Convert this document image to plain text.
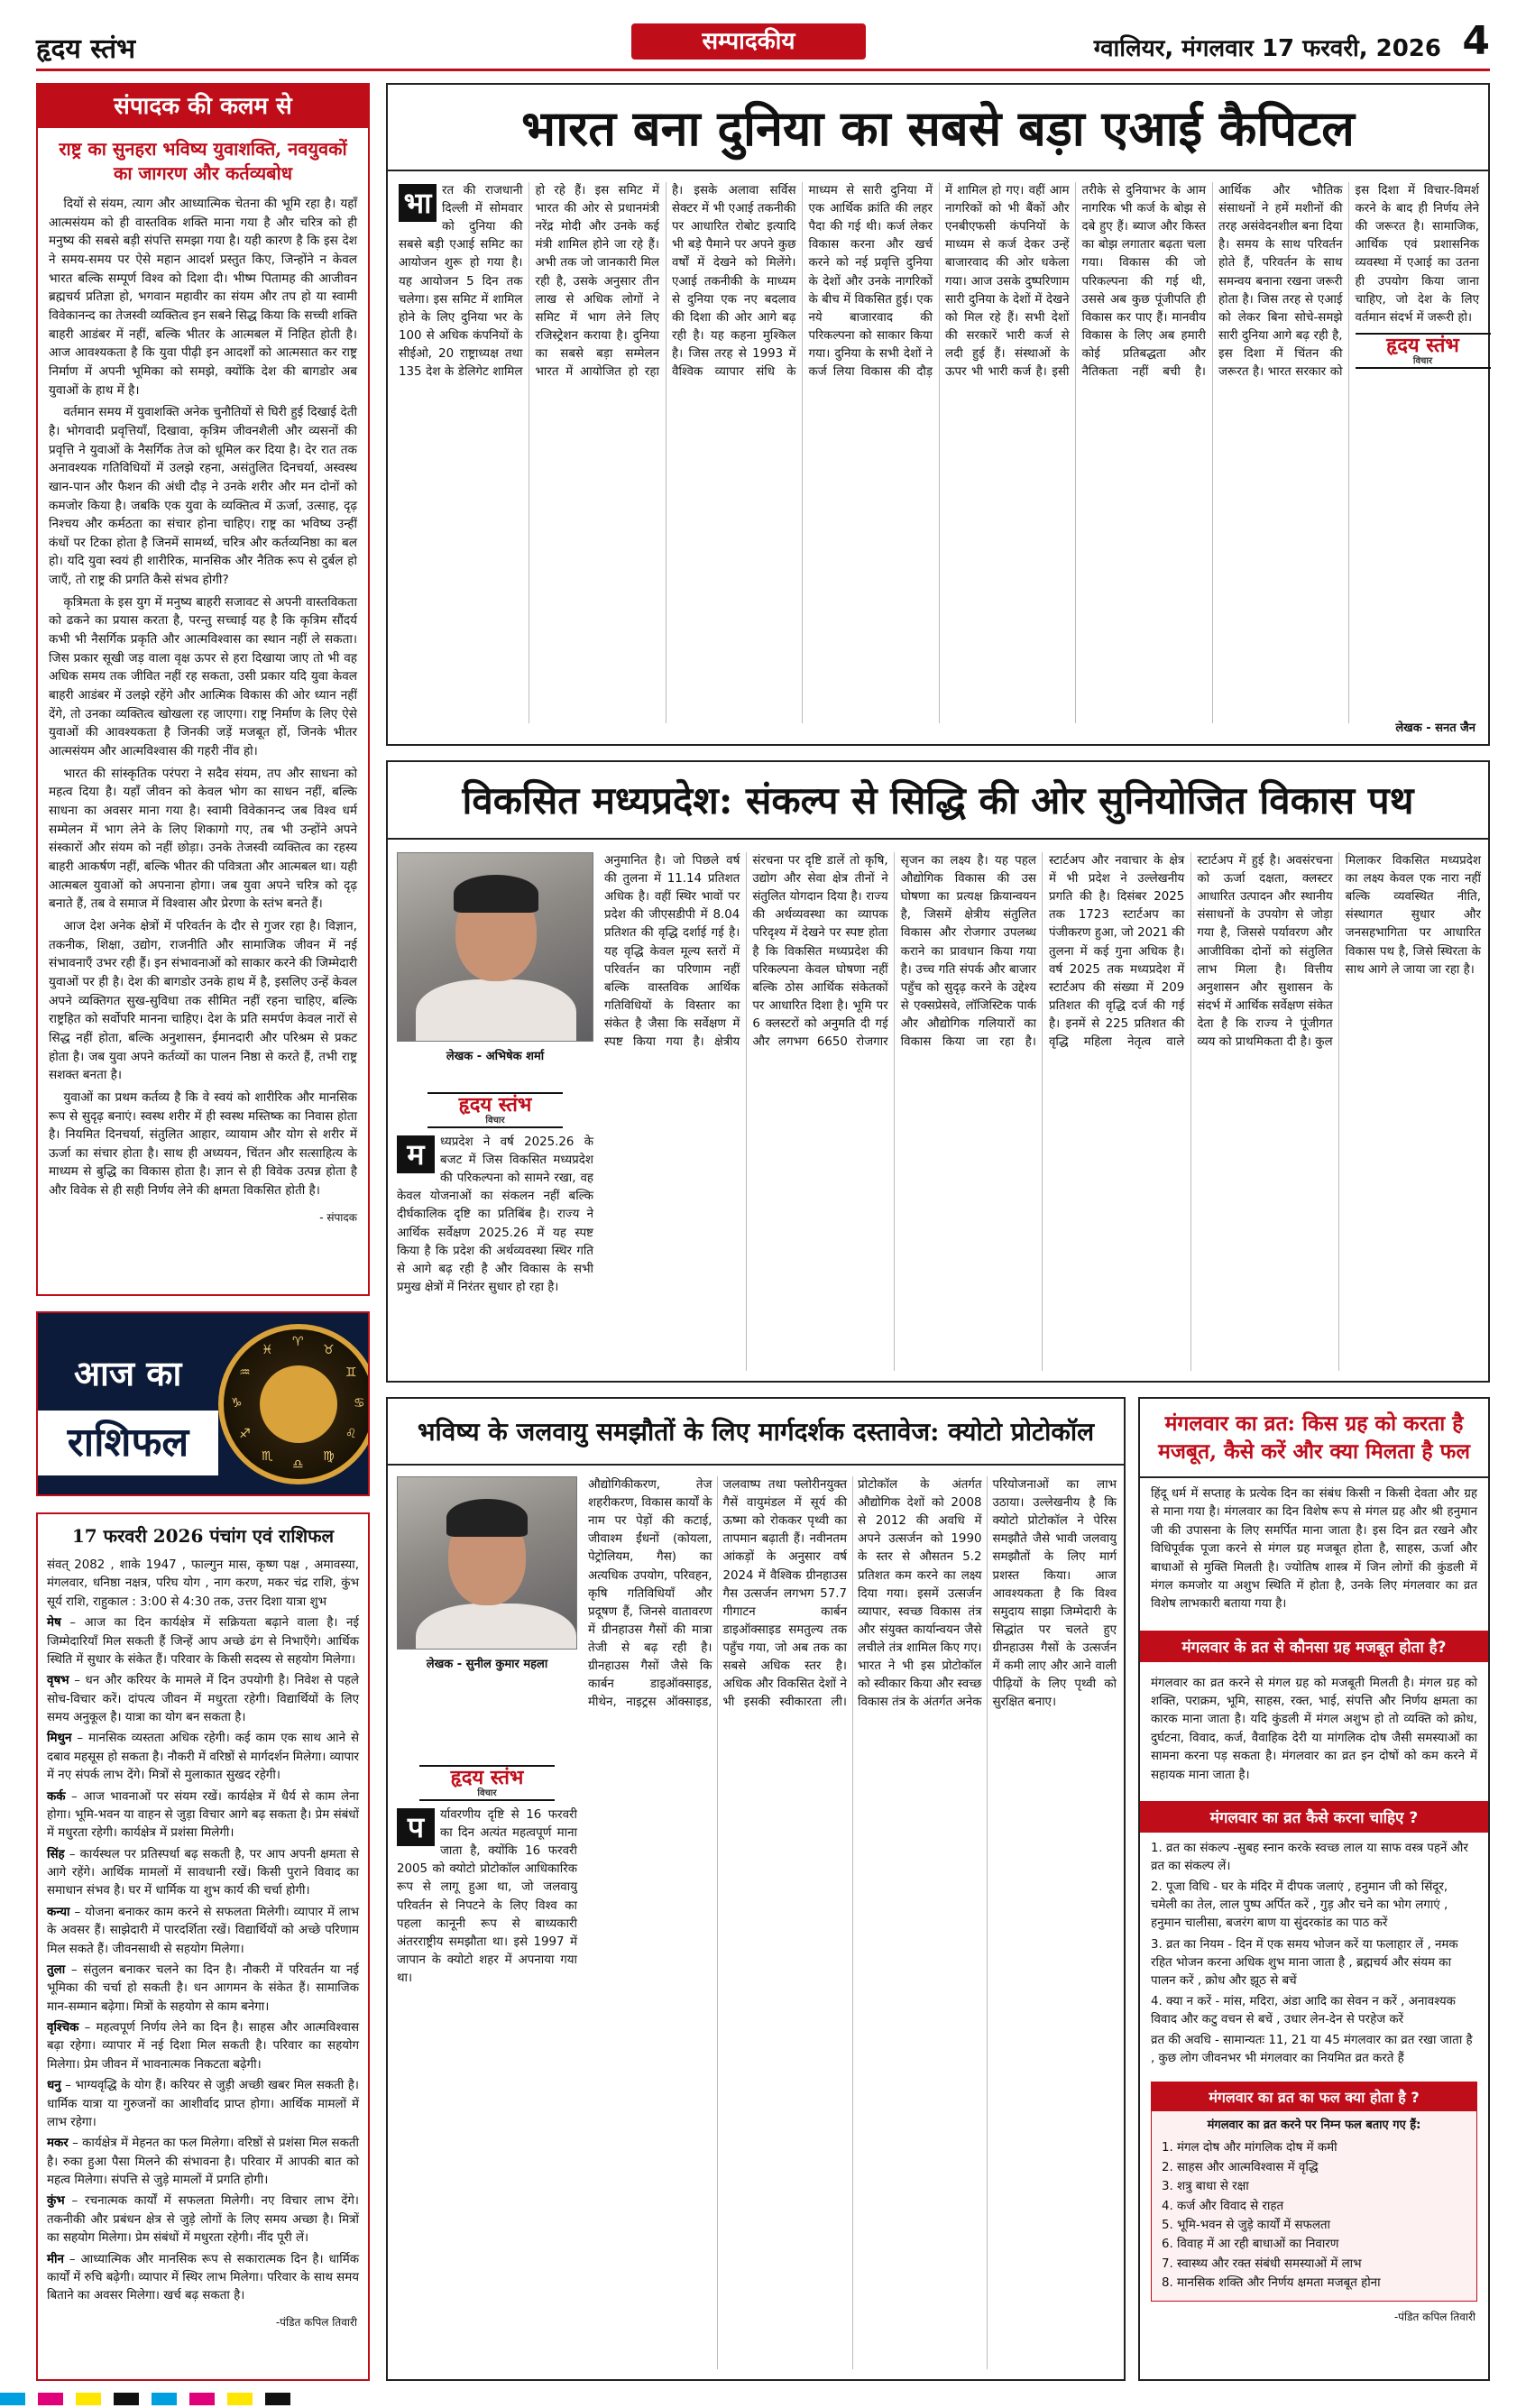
हृदय स्तंभ	सम्पादकीय	ग्वालियर, मंगलवार 17 फरवरी, 2026 4
संपादक की कलम से
राष्ट्र का सुनहरा भविष्य युवाशक्ति, नवयुवकों का जागरण और कर्तव्यबोध

दियों से संयम, त्याग और आध्यात्मिक चेतना की भूमि रहा है। यहाँ आत्मसंयम को ही वास्तविक शक्ति माना गया है और चरित्र को ही मनुष्य की सबसे बड़ी संपत्ति समझा गया है। यही कारण है कि इस देश ने समय-समय पर ऐसे महान आदर्श प्रस्तुत किए, जिन्होंने न केवल भारत बल्कि सम्पूर्ण विश्व को दिशा दी। भीष्म पितामह की आजीवन ब्रह्मचर्य प्रतिज्ञा हो, भगवान महावीर का संयम और तप हो या स्वामी विवेकानन्द का तेजस्वी व्यक्तित्व इन सबने सिद्ध किया कि सच्ची शक्ति बाहरी आडंबर में नहीं, बल्कि भीतर के आत्मबल में निहित होती है। आज आवश्यकता है कि युवा पीढ़ी इन आदर्शों को आत्मसात कर राष्ट्र निर्माण में अपनी भूमिका को समझे, क्योंकि देश की बागडोर अब युवाओं के हाथ में है।

वर्तमान समय में युवाशक्ति अनेक चुनौतियों से घिरी हुई दिखाई देती है। भोगवादी प्रवृत्तियाँ, दिखावा, कृत्रिम जीवनशैली और व्यसनों की प्रवृत्ति ने युवाओं के नैसर्गिक तेज को धूमिल कर दिया है। देर रात तक अनावश्यक गतिविधियों में उलझे रहना, असंतुलित दिनचर्या, अस्वस्थ खान-पान और फैशन की अंधी दौड़ ने उनके शरीर और मन दोनों को कमजोर किया है। जबकि एक युवा के व्यक्तित्व में ऊर्जा, उत्साह, दृढ़ निश्चय और कर्मठता का संचार होना चाहिए। राष्ट्र का भविष्य उन्हीं कंधों पर टिका होता है जिनमें सामर्थ्य, चरित्र और कर्तव्यनिष्ठा का बल हो। यदि युवा स्वयं ही शारीरिक, मानसिक और नैतिक रूप से दुर्बल हो जाएँ, तो राष्ट्र की प्रगति कैसे संभव होगी?

कृत्रिमता के इस युग में मनुष्य बाहरी सजावट से अपनी वास्तविकता को ढकने का प्रयास करता है, परन्तु सच्चाई यह है कि कृत्रिम सौंदर्य कभी भी नैसर्गिक प्रकृति और आत्मविश्वास का स्थान नहीं ले सकता। जिस प्रकार सूखी जड़ वाला वृक्ष ऊपर से हरा दिखाया जाए तो भी वह अधिक समय तक जीवित नहीं रह सकता, उसी प्रकार यदि युवा केवल बाहरी आडंबर में उलझे रहेंगे और आत्मिक विकास की ओर ध्यान नहीं देंगे, तो उनका व्यक्तित्व खोखला रह जाएगा। राष्ट्र निर्माण के लिए ऐसे युवाओं की आवश्यकता है जिनकी जड़ें मजबूत हों, जिनके भीतर आत्मसंयम और आत्मविश्वास की गहरी नींव हो।

भारत की सांस्कृतिक परंपरा ने सदैव संयम, तप और साधना को महत्व दिया है। यहाँ जीवन को केवल भोग का साधन नहीं, बल्कि साधना का अवसर माना गया है। स्वामी विवेकानन्द जब विश्व धर्म सम्मेलन में भाग लेने के लिए शिकागो गए, तब भी उन्होंने अपने संस्कारों और संयम को नहीं छोड़ा। उनके तेजस्वी व्यक्तित्व का रहस्य बाहरी आकर्षण नहीं, बल्कि भीतर की पवित्रता और आत्मबल था। यही आत्मबल युवाओं को अपनाना होगा। जब युवा अपने चरित्र को दृढ़ बनाते हैं, तब वे समाज में विश्वास और प्रेरणा के स्तंभ बनते हैं।

आज देश अनेक क्षेत्रों में परिवर्तन के दौर से गुजर रहा है। विज्ञान, तकनीक, शिक्षा, उद्योग, राजनीति और सामाजिक जीवन में नई संभावनाएँ उभर रही हैं। इन संभावनाओं को साकार करने की जिम्मेदारी युवाओं पर ही है। देश की बागडोर उनके हाथ में है, इसलिए उन्हें केवल अपने व्यक्तिगत सुख-सुविधा तक सीमित नहीं रहना चाहिए, बल्कि राष्ट्रहित को सर्वोपरि मानना चाहिए। देश के प्रति समर्पण केवल नारों से सिद्ध नहीं होता, बल्कि अनुशासन, ईमानदारी और परिश्रम से प्रकट होता है। जब युवा अपने कर्तव्यों का पालन निष्ठा से करते हैं, तभी राष्ट्र सशक्त बनता है।

युवाओं का प्रथम कर्तव्य है कि वे स्वयं को शारीरिक और मानसिक रूप से सुदृढ़ बनाएं। स्वस्थ शरीर में ही स्वस्थ मस्तिष्क का निवास होता है। नियमित दिनचर्या, संतुलित आहार, व्यायाम और योग से शरीर में ऊर्जा का संचार होता है। साथ ही अध्ययन, चिंतन और सत्साहित्य के माध्यम से बुद्धि का विकास होता है। ज्ञान से ही विवेक उत्पन्न होता है और विवेक से ही सही निर्णय लेने की क्षमता विकसित होती है।

- संपादक
आज का
राशिफल
♈
♉
♊
♋
♌
♍
♎
♏
♐
♑
♒
♓
17 फरवरी 2026 पंचांग एवं राशिफल

संवत् 2082 , शाके 1947 , फाल्गुन मास, कृष्ण पक्ष , अमावस्या, मंगलवार, धनिष्ठा नक्षत्र, परिघ योग , नाग करण, मकर चंद्र राशि, कुंभ सूर्य राशि, राहुकाल : 3:00 से 4:30 तक, उत्तर दिशा यात्रा शुभ

मेष – आज का दिन कार्यक्षेत्र में सक्रियता बढ़ाने वाला है। नई जिम्मेदारियाँ मिल सकती हैं जिन्हें आप अच्छे ढंग से निभाएँगे। आर्थिक स्थिति में सुधार के संकेत हैं। परिवार के किसी सदस्य से सहयोग मिलेगा।

वृषभ – धन और करियर के मामले में दिन उपयोगी है। निवेश से पहले सोच-विचार करें। दांपत्य जीवन में मधुरता रहेगी। विद्यार्थियों के लिए समय अनुकूल है। यात्रा का योग बन सकता है।

मिथुन – मानसिक व्यस्तता अधिक रहेगी। कई काम एक साथ आने से दबाव महसूस हो सकता है। नौकरी में वरिष्ठों से मार्गदर्शन मिलेगा। व्यापार में नए संपर्क लाभ देंगे। मित्रों से मुलाकात सुखद रहेगी।

कर्क – आज भावनाओं पर संयम रखें। कार्यक्षेत्र में धैर्य से काम लेना होगा। भूमि-भवन या वाहन से जुड़ा विचार आगे बढ़ सकता है। प्रेम संबंधों में मधुरता रहेगी। कार्यक्षेत्र में प्रशंसा मिलेगी।

सिंह – कार्यस्थल पर प्रतिस्पर्धा बढ़ सकती है, पर आप अपनी क्षमता से आगे रहेंगे। आर्थिक मामलों में सावधानी रखें। किसी पुराने विवाद का समाधान संभव है। घर में धार्मिक या शुभ कार्य की चर्चा होगी।

कन्या – योजना बनाकर काम करने से सफलता मिलेगी। व्यापार में लाभ के अवसर हैं। साझेदारी में पारदर्शिता रखें। विद्यार्थियों को अच्छे परिणाम मिल सकते हैं। जीवनसाथी से सहयोग मिलेगा।

तुला – संतुलन बनाकर चलने का दिन है। नौकरी में परिवर्तन या नई भूमिका की चर्चा हो सकती है। धन आगमन के संकेत हैं। सामाजिक मान-सम्मान बढ़ेगा। मित्रों के सहयोग से काम बनेगा।

वृश्चिक – महत्वपूर्ण निर्णय लेने का दिन है। साहस और आत्मविश्वास बढ़ा रहेगा। व्यापार में नई दिशा मिल सकती है। परिवार का सहयोग मिलेगा। प्रेम जीवन में भावनात्मक निकटता बढ़ेगी।

धनु – भाग्यवृद्धि के योग हैं। करियर से जुड़ी अच्छी खबर मिल सकती है। धार्मिक यात्रा या गुरुजनों का आशीर्वाद प्राप्त होगा। आर्थिक मामलों में लाभ रहेगा।

मकर – कार्यक्षेत्र में मेहनत का फल मिलेगा। वरिष्ठों से प्रशंसा मिल सकती है। रुका हुआ पैसा मिलने की संभावना है। परिवार में आपकी बात को महत्व मिलेगा। संपत्ति से जुड़े मामलों में प्रगति होगी।

कुंभ – रचनात्मक कार्यों में सफलता मिलेगी। नए विचार लाभ देंगे। तकनीकी और प्रबंधन क्षेत्र से जुड़े लोगों के लिए समय अच्छा है। मित्रों का सहयोग मिलेगा। प्रेम संबंधों में मधुरता रहेगी। नींद पूरी लें।

मीन – आध्यात्मिक और मानसिक रूप से सकारात्मक दिन है। धार्मिक कार्यों में रुचि बढ़ेगी। व्यापार में स्थिर लाभ मिलेगा। परिवार के साथ समय बिताने का अवसर मिलेगा। खर्च बढ़ सकता है।

-पंडित कपिल तिवारी
भारत बना दुनिया का सबसे बड़ा एआई कैपिटल
भा रत की राजधानी दिल्ली में सोमवार को दुनिया की सबसे बड़ी एआई समिट का आयोजन शुरू हो गया है। यह आयोजन 5 दिन तक चलेगा। इस समिट में शामिल होने के लिए दुनिया भर के 100 से अधिक कंपनियों के सीईओ, 20 राष्ट्राध्यक्ष तथा 135 देश के डेलिगेट शामिल हो रहे हैं। इस समिट में भारत की ओर से प्रधानमंत्री नरेंद्र मोदी और उनके कई मंत्री शामिल होने जा रहे हैं। अभी तक जो जानकारी मिल रही है, उसके अनुसार तीन लाख से अधिक लोगों ने समिट में भाग लेने लिए रजिस्ट्रेशन कराया है। दुनिया का सबसे बड़ा सम्मेलन भारत में आयोजित हो रहा है। इसके अलावा सर्विस सेक्टर में भी एआई तकनीकी पर आधारित रोबोट इत्यादि भी बड़े पैमाने पर अपने कुछ वर्षों में देखने को मिलेंगे। एआई तकनीकी के माध्यम से दुनिया एक नए बदलाव की दिशा की ओर आगे बढ़ रही है। यह कहना मुश्किल है। जिस तरह से 1993 में वैश्विक व्यापार संधि के माध्यम से सारी दुनिया में एक आर्थिक क्रांति की लहर पैदा की गई थी। कर्ज लेकर विकास करना और खर्च करने को नई प्रवृत्ति दुनिया के देशों और उनके नागरिकों के बीच में विकसित हुई। एक नये बाजारवाद की परिकल्पना को साकार किया गया। दुनिया के सभी देशों ने कर्ज लिया विकास की दौड़ में शामिल हो गए। वहीं आम नागरिकों को भी बैंकों और एनबीएफसी कंपनियों के माध्यम से कर्ज देकर उन्हें बाजारवाद की ओर धकेला गया। आज उसके दुष्परिणाम सारी दुनिया के देशों में देखने को मिल रहे हैं। सभी देशों की सरकारें भारी कर्ज से लदी हुई हैं। संस्थाओं के ऊपर भी भारी कर्ज है। इसी तरीके से दुनियाभर के आम नागरिक भी कर्ज के बोझ से दबे हुए हैं। ब्याज और किस्त का बोझ लगातार बढ़ता चला गया। विकास की जो परिकल्पना की गई थी, उससे अब कुछ पूंजीपति ही विकास कर पाए हैं। मानवीय विकास के लिए अब हमारी कोई प्रतिबद्धता और नैतिकता नहीं बची है। आर्थिक और भौतिक संसाधनों ने हमें मशीनों की तरह असंवेदनशील बना दिया है। समय के साथ परिवर्तन होते हैं, परिवर्तन के साथ समन्वय बनाना रखना जरूरी होता है। जिस तरह से एआई को लेकर बिना सोचे-समझे सारी दुनिया आगे बढ़ रही है, इस दिशा में चिंतन की जरूरत है। भारत सरकार को इस दिशा में विचार-विमर्श करने के बाद ही निर्णय लेने की जरूरत है। सामाजिक, आर्थिक एवं प्रशासनिक व्यवस्था में एआई का उतना ही उपयोग किया जाना चाहिए, जो देश के लिए वर्तमान संदर्भ में जरूरी हो।
हृदय स्तंभ
विचार
लेखक - सनत जैन
विकसित मध्यप्रदेश: संकल्प से सिद्धि की ओर सुनियोजित विकास पथ
लेखक - अभिषेक शर्मा
हृदय स्तंभ
विचार
म	ध्यप्रदेश ने वर्ष 2025.26 के बजट में जिस विकसित मध्यप्रदेश की परिकल्पना को सामने रखा, वह केवल योजनाओं का संकलन नहीं बल्कि दीर्घकालिक दृष्टि का प्रतिबिंब है। राज्य ने आर्थिक सर्वेक्षण 2025.26 में यह स्पष्ट किया है कि प्रदेश की अर्थव्यवस्था स्थिर गति से आगे बढ़ रही है और विकास के सभी प्रमुख क्षेत्रों में निरंतर सुधार हो रहा है।
अनुमानित है। जो पिछले वर्ष की तुलना में 11.14 प्रतिशत अधिक है। वहीं स्थिर भावों पर प्रदेश की जीएसडीपी में 8.04 प्रतिशत की वृद्धि दर्शाई गई है। यह वृद्धि केवल मूल्य स्तरों में परिवर्तन का परिणाम नहीं बल्कि वास्तविक आर्थिक गतिविधियों के विस्तार का संकेत है जैसा कि सर्वेक्षण में स्पष्ट किया गया है। क्षेत्रीय संरचना पर दृष्टि डालें तो कृषि, उद्योग और सेवा क्षेत्र तीनों ने संतुलित योगदान दिया है। राज्य की अर्थव्यवस्था का व्यापक परिदृश्य में देखने पर स्पष्ट होता है कि विकसित मध्यप्रदेश की परिकल्पना केवल घोषणा नहीं बल्कि ठोस आर्थिक संकेतकों पर आधारित दिशा है। भूमि पर 6 क्लस्टरों को अनुमति दी गई और लगभग 6650 रोजगार सृजन का लक्ष्य है। यह पहल औद्योगिक विकास की उस घोषणा का प्रत्यक्ष क्रियान्वयन है, जिसमें क्षेत्रीय संतुलित विकास और रोजगार उपलब्ध कराने का प्रावधान किया गया है। उच्च गति संपर्क और बाजार पहुँच को सुदृढ़ करने के उद्देश्य से एक्सप्रेसवे, लॉजिस्टिक पार्क और औद्योगिक गलियारों का विकास किया जा रहा है। स्टार्टअप और नवाचार के क्षेत्र में भी प्रदेश ने उल्लेखनीय प्रगति की है। दिसंबर 2025 तक 1723 स्टार्टअप का पंजीकरण हुआ, जो 2021 की तुलना में कई गुना अधिक है। वर्ष 2025 तक मध्यप्रदेश में स्टार्टअप की संख्या में 209 प्रतिशत की वृद्धि दर्ज की गई है। इनमें से 225 प्रतिशत की वृद्धि महिला नेतृत्व वाले स्टार्टअप में हुई है। अवसंरचना को ऊर्जा दक्षता, क्लस्टर आधारित उत्पादन और स्थानीय संसाधनों के उपयोग से जोड़ा गया है, जिससे पर्यावरण और आजीविका दोनों को संतुलित लाभ मिला है। वित्तीय अनुशासन और सुशासन के संदर्भ में आर्थिक सर्वेक्षण संकेत देता है कि राज्य ने पूंजीगत व्यय को प्राथमिकता दी है। कुल मिलाकर विकसित मध्यप्रदेश का लक्ष्य केवल एक नारा नहीं बल्कि व्यवस्थित नीति, संस्थागत सुधार और जनसहभागिता पर आधारित विकास पथ है, जिसे स्थिरता के साथ आगे ले जाया जा रहा है।
भविष्य के जलवायु समझौतों के लिए मार्गदर्शक दस्तावेज: क्योटो प्रोटोकॉल
लेखक - सुनील कुमार महला
हृदय स्तंभ
विचार
प	र्यावरणीय दृष्टि से 16 फरवरी का दिन अत्यंत महत्वपूर्ण माना जाता है, क्योंकि 16 फरवरी 2005 को क्योटो प्रोटोकॉल आधिकारिक रूप से लागू हुआ था, जो जलवायु परिवर्तन से निपटने के लिए विश्व का पहला कानूनी रूप से बाध्यकारी अंतरराष्ट्रीय समझौता था। इसे 1997 में जापान के क्योटो शहर में अपनाया गया था।
औद्योगिकीकरण, तेज शहरीकरण, विकास कार्यों के नाम पर पेड़ों की कटाई, जीवाश्म ईंधनों (कोयला, पेट्रोलियम, गैस) का अत्यधिक उपयोग, परिवहन, कृषि गतिविधियाँ और प्रदूषण हैं, जिनसे वातावरण में ग्रीनहाउस गैसों की मात्रा तेजी से बढ़ रही है। ग्रीनहाउस गैसों जैसे कि कार्बन डाइऑक्साइड, मीथेन, नाइट्रस ऑक्साइड, जलवाष्प तथा फ्लोरीनयुक्त गैसें वायुमंडल में सूर्य की ऊष्मा को रोककर पृथ्वी का तापमान बढ़ाती हैं। नवीनतम आंकड़ों के अनुसार वर्ष 2024 में वैश्विक ग्रीनहाउस गैस उत्सर्जन लगभग 57.7 गीगाटन कार्बन डाइऑक्साइड समतुल्य तक पहुँच गया, जो अब तक का सबसे अधिक स्तर है। अधिक और विकसित देशों ने भी इसकी स्वीकारता ली। प्रोटोकॉल के अंतर्गत औद्योगिक देशों को 2008 से 2012 की अवधि में अपने उत्सर्जन को 1990 के स्तर से औसतन 5.2 प्रतिशत कम करने का लक्ष्य दिया गया। इसमें उत्सर्जन व्यापार, स्वच्छ विकास तंत्र और संयुक्त कार्यान्वयन जैसे लचीले तंत्र शामिल किए गए। भारत ने भी इस प्रोटोकॉल को स्वीकार किया और स्वच्छ विकास तंत्र के अंतर्गत अनेक परियोजनाओं का लाभ उठाया। उल्लेखनीय है कि क्योटो प्रोटोकॉल ने पेरिस समझौते जैसे भावी जलवायु समझौतों के लिए मार्ग प्रशस्त किया। आज आवश्यकता है कि विश्व समुदाय साझा जिम्मेदारी के सिद्धांत पर चलते हुए ग्रीनहाउस गैसों के उत्सर्जन में कमी लाए और आने वाली पीढ़ियों के लिए पृथ्वी को सुरक्षित बनाए।
मंगलवार का व्रत: किस ग्रह को करता है मजबूत, कैसे करें और क्या मिलता है फल
हिंदू धर्म में सप्ताह के प्रत्येक दिन का संबंध किसी न किसी देवता और ग्रह से माना गया है। मंगलवार का दिन विशेष रूप से मंगल ग्रह और श्री हनुमान जी की उपासना के लिए समर्पित माना जाता है। इस दिन व्रत रखने और विधिपूर्वक पूजा करने से मंगल ग्रह मजबूत होता है, साहस, ऊर्जा और बाधाओं से मुक्ति मिलती है। ज्योतिष शास्त्र में जिन लोगों की कुंडली में मंगल कमजोर या अशुभ स्थिति में होता है, उनके लिए मंगलवार का व्रत विशेष लाभकारी बताया गया है।
मंगलवार के व्रत से कौनसा ग्रह मजबूत होता है?
मंगलवार का व्रत करने से मंगल ग्रह को मजबूती मिलती है। मंगल ग्रह को शक्ति, पराक्रम, भूमि, साहस, रक्त, भाई, संपत्ति और निर्णय क्षमता का कारक माना जाता है। यदि कुंडली में मंगल अशुभ हो तो व्यक्ति को क्रोध, दुर्घटना, विवाद, कर्ज, वैवाहिक देरी या मांगलिक दोष जैसी समस्याओं का सामना करना पड़ सकता है। मंगलवार का व्रत इन दोषों को कम करने में सहायक माना जाता है।
मंगलवार का व्रत कैसे करना चाहिए ?
1. व्रत का संकल्प -सुबह स्नान करके स्वच्छ लाल या साफ वस्त्र पहनें और व्रत का संकल्प लें।
2. पूजा विधि - घर के मंदिर में दीपक जलाएं , हनुमान जी को सिंदूर, चमेली का तेल, लाल पुष्प अर्पित करें , गुड़ और चने का भोग लगाएं , हनुमान चालीसा, बजरंग बाण या सुंदरकांड का पाठ करें
3. व्रत का नियम - दिन में एक समय भोजन करें या फलाहार लें , नमक रहित भोजन करना अधिक शुभ माना जाता है , ब्रह्मचर्य और संयम का पालन करें , क्रोध और झूठ से बचें
4. क्या न करें - मांस, मदिरा, अंडा आदि का सेवन न करें , अनावश्यक विवाद और कटु वचन से बचें , उधार लेन-देन से परहेज करें
व्रत की अवधि - सामान्यतः 11, 21 या 45 मंगलवार का व्रत रखा जाता है , कुछ लोग जीवनभर भी मंगलवार का नियमित व्रत करते हैं
मंगलवार का व्रत का फल क्या होता है ?
मंगलवार का व्रत करने पर निम्न फल बताए गए हैं:
1. मंगल दोष और मांगलिक दोष में कमी
2. साहस और आत्मविश्वास में वृद्धि
3. शत्रु बाधा से रक्षा
4. कर्ज और विवाद से राहत
5. भूमि-भवन से जुड़े कार्यों में सफलता
6. विवाह में आ रही बाधाओं का निवारण
7. स्वास्थ्य और रक्त संबंधी समस्याओं में लाभ
8. मानसिक शक्ति और निर्णय क्षमता मजबूत होना
-पंडित कपिल तिवारी
